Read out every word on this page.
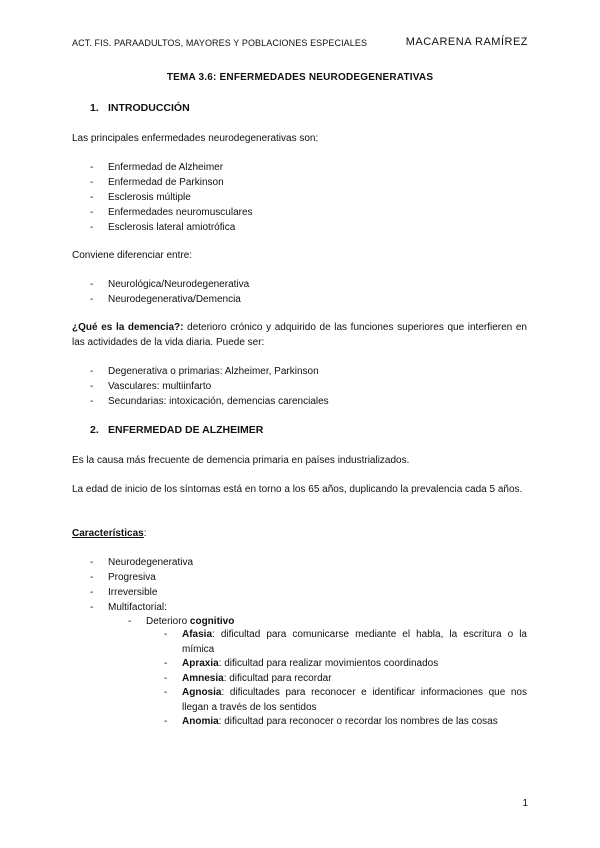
ACT. FIS. PARAADULTOS, MAYORES Y POBLACIONES ESPECIALES	MACARENA RAMÍREZ
TEMA 3.6: ENFERMEDADES NEURODEGENERATIVAS
1. INTRODUCCIÓN
Las principales enfermedades neurodegenerativas son:
- Enfermedad de Alzheimer
- Enfermedad de Parkinson
- Esclerosis múltiple
- Enfermedades neuromusculares
- Esclerosis lateral amiotrófica
Conviene diferenciar entre:
- Neurológica/Neurodegenerativa
- Neurodegenerativa/Demencia
¿Qué es la demencia?: deterioro crónico y adquirido de las funciones superiores que interfieren en las actividades de la vida diaria. Puede ser:
- Degenerativa o primarias: Alzheimer, Parkinson
- Vasculares: multiinfarto
- Secundarias: intoxicación, demencias carenciales
2. ENFERMEDAD DE ALZHEIMER
Es la causa más frecuente de demencia primaria en países industrializados.
La edad de inicio de los síntomas está en torno a los 65 años, duplicando la prevalencia cada 5 años.
Características:
- Neurodegenerativa
- Progresiva
- Irreversible
- Multifactorial:
- Deterioro cognitivo
- Afasia: dificultad para comunicarse mediante el habla, la escritura o la mímica
- Apraxia: dificultad para realizar movimientos coordinados
- Amnesia: dificultad para recordar
- Agnosia: dificultades para reconocer e identificar informaciones que nos llegan a través de los sentidos
- Anomia: dificultad para reconocer o recordar los nombres de las cosas
1
